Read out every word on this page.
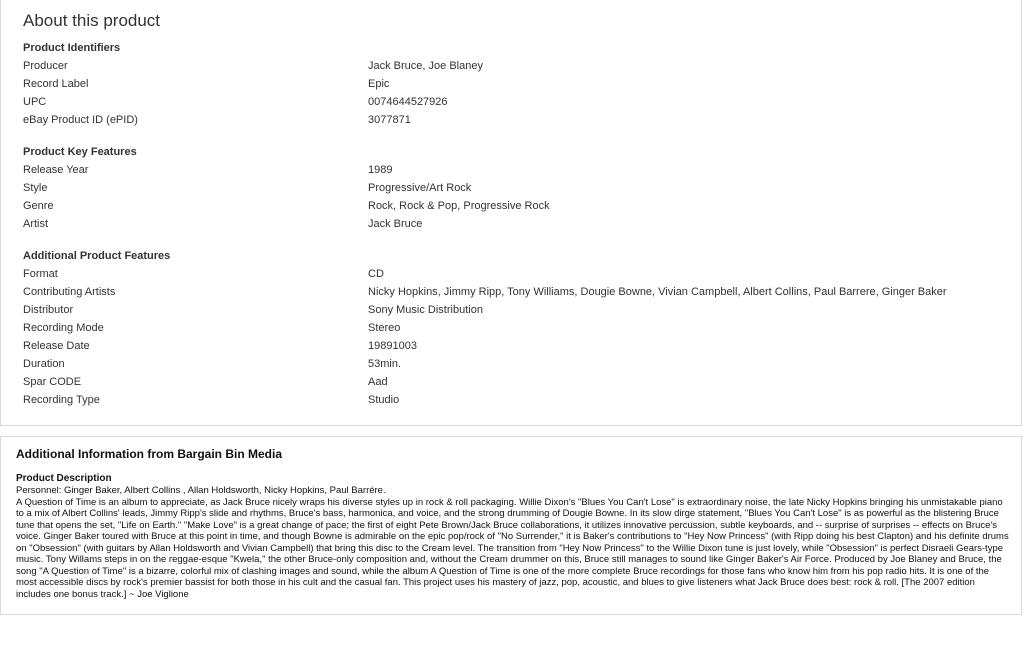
About this product
Product Identifiers
Producer	Jack Bruce, Joe Blaney
Record Label	Epic
UPC	0074644527926
eBay Product ID (ePID)	3077871
Product Key Features
Release Year	1989
Style	Progressive/Art Rock
Genre	Rock, Rock & Pop, Progressive Rock
Artist	Jack Bruce
Additional Product Features
Format	CD
Contributing Artists	Nicky Hopkins, Jimmy Ripp, Tony Williams, Dougie Bowne, Vivian Campbell, Albert Collins, Paul Barrere, Ginger Baker
Distributor	Sony Music Distribution
Recording Mode	Stereo
Release Date	19891003
Duration	53min.
Spar CODE	Aad
Recording Type	Studio
Additional Information from Bargain Bin Media
Product Description

Personnel: Ginger Baker, Albert Collins , Allan Holdsworth, Nicky Hopkins, Paul Barrére.

A Question of Time is an album to appreciate, as Jack Bruce nicely wraps his diverse styles up in rock & roll packaging. Willie Dixon's "Blues You Can't Lose" is extraordinary noise, the late Nicky Hopkins bringing his unmistakable piano to a mix of Albert Collins' leads, Jimmy Ripp's slide and rhythms, Bruce's bass, harmonica, and voice, and the strong drumming of Dougie Bowne. In its slow dirge statement, "Blues You Can't Lose" is as powerful as the blistering Bruce tune that opens the set, "Life on Earth." "Make Love" is a great change of pace; the first of eight Pete Brown/Jack Bruce collaborations, it utilizes innovative percussion, subtle keyboards, and -- surprise of surprises -- effects on Bruce's voice. Ginger Baker toured with Bruce at this point in time, and though Bowne is admirable on the epic pop/rock of "No Surrender," it is Baker's contributions to "Hey Now Princess" (with Ripp doing his best Clapton) and his definite drums on "Obsession" (with guitars by Allan Holdsworth and Vivian Campbell) that bring this disc to the Cream level. The transition from "Hey Now Princess" to the Willie Dixon tune is just lovely, while "Obsession" is perfect Disraeli Gears-type music. Tony Willams steps in on the reggae-esque "Kwela," the other Bruce-only composition and, without the Cream drummer on this, Bruce still manages to sound like Ginger Baker's Air Force. Produced by Joe Blaney and Bruce, the song "A Question of Time" is a bizarre, colorful mix of clashing images and sound, while the album A Question of Time is one of the more complete Bruce recordings for those fans who know him from his pop radio hits. It is one of the most accessible discs by rock's premier bassist for both those in his cult and the casual fan. This project uses his mastery of jazz, pop, acoustic, and blues to give listeners what Jack Bruce does best: rock & roll. [The 2007 edition includes one bonus track.] ~ Joe Viglione
